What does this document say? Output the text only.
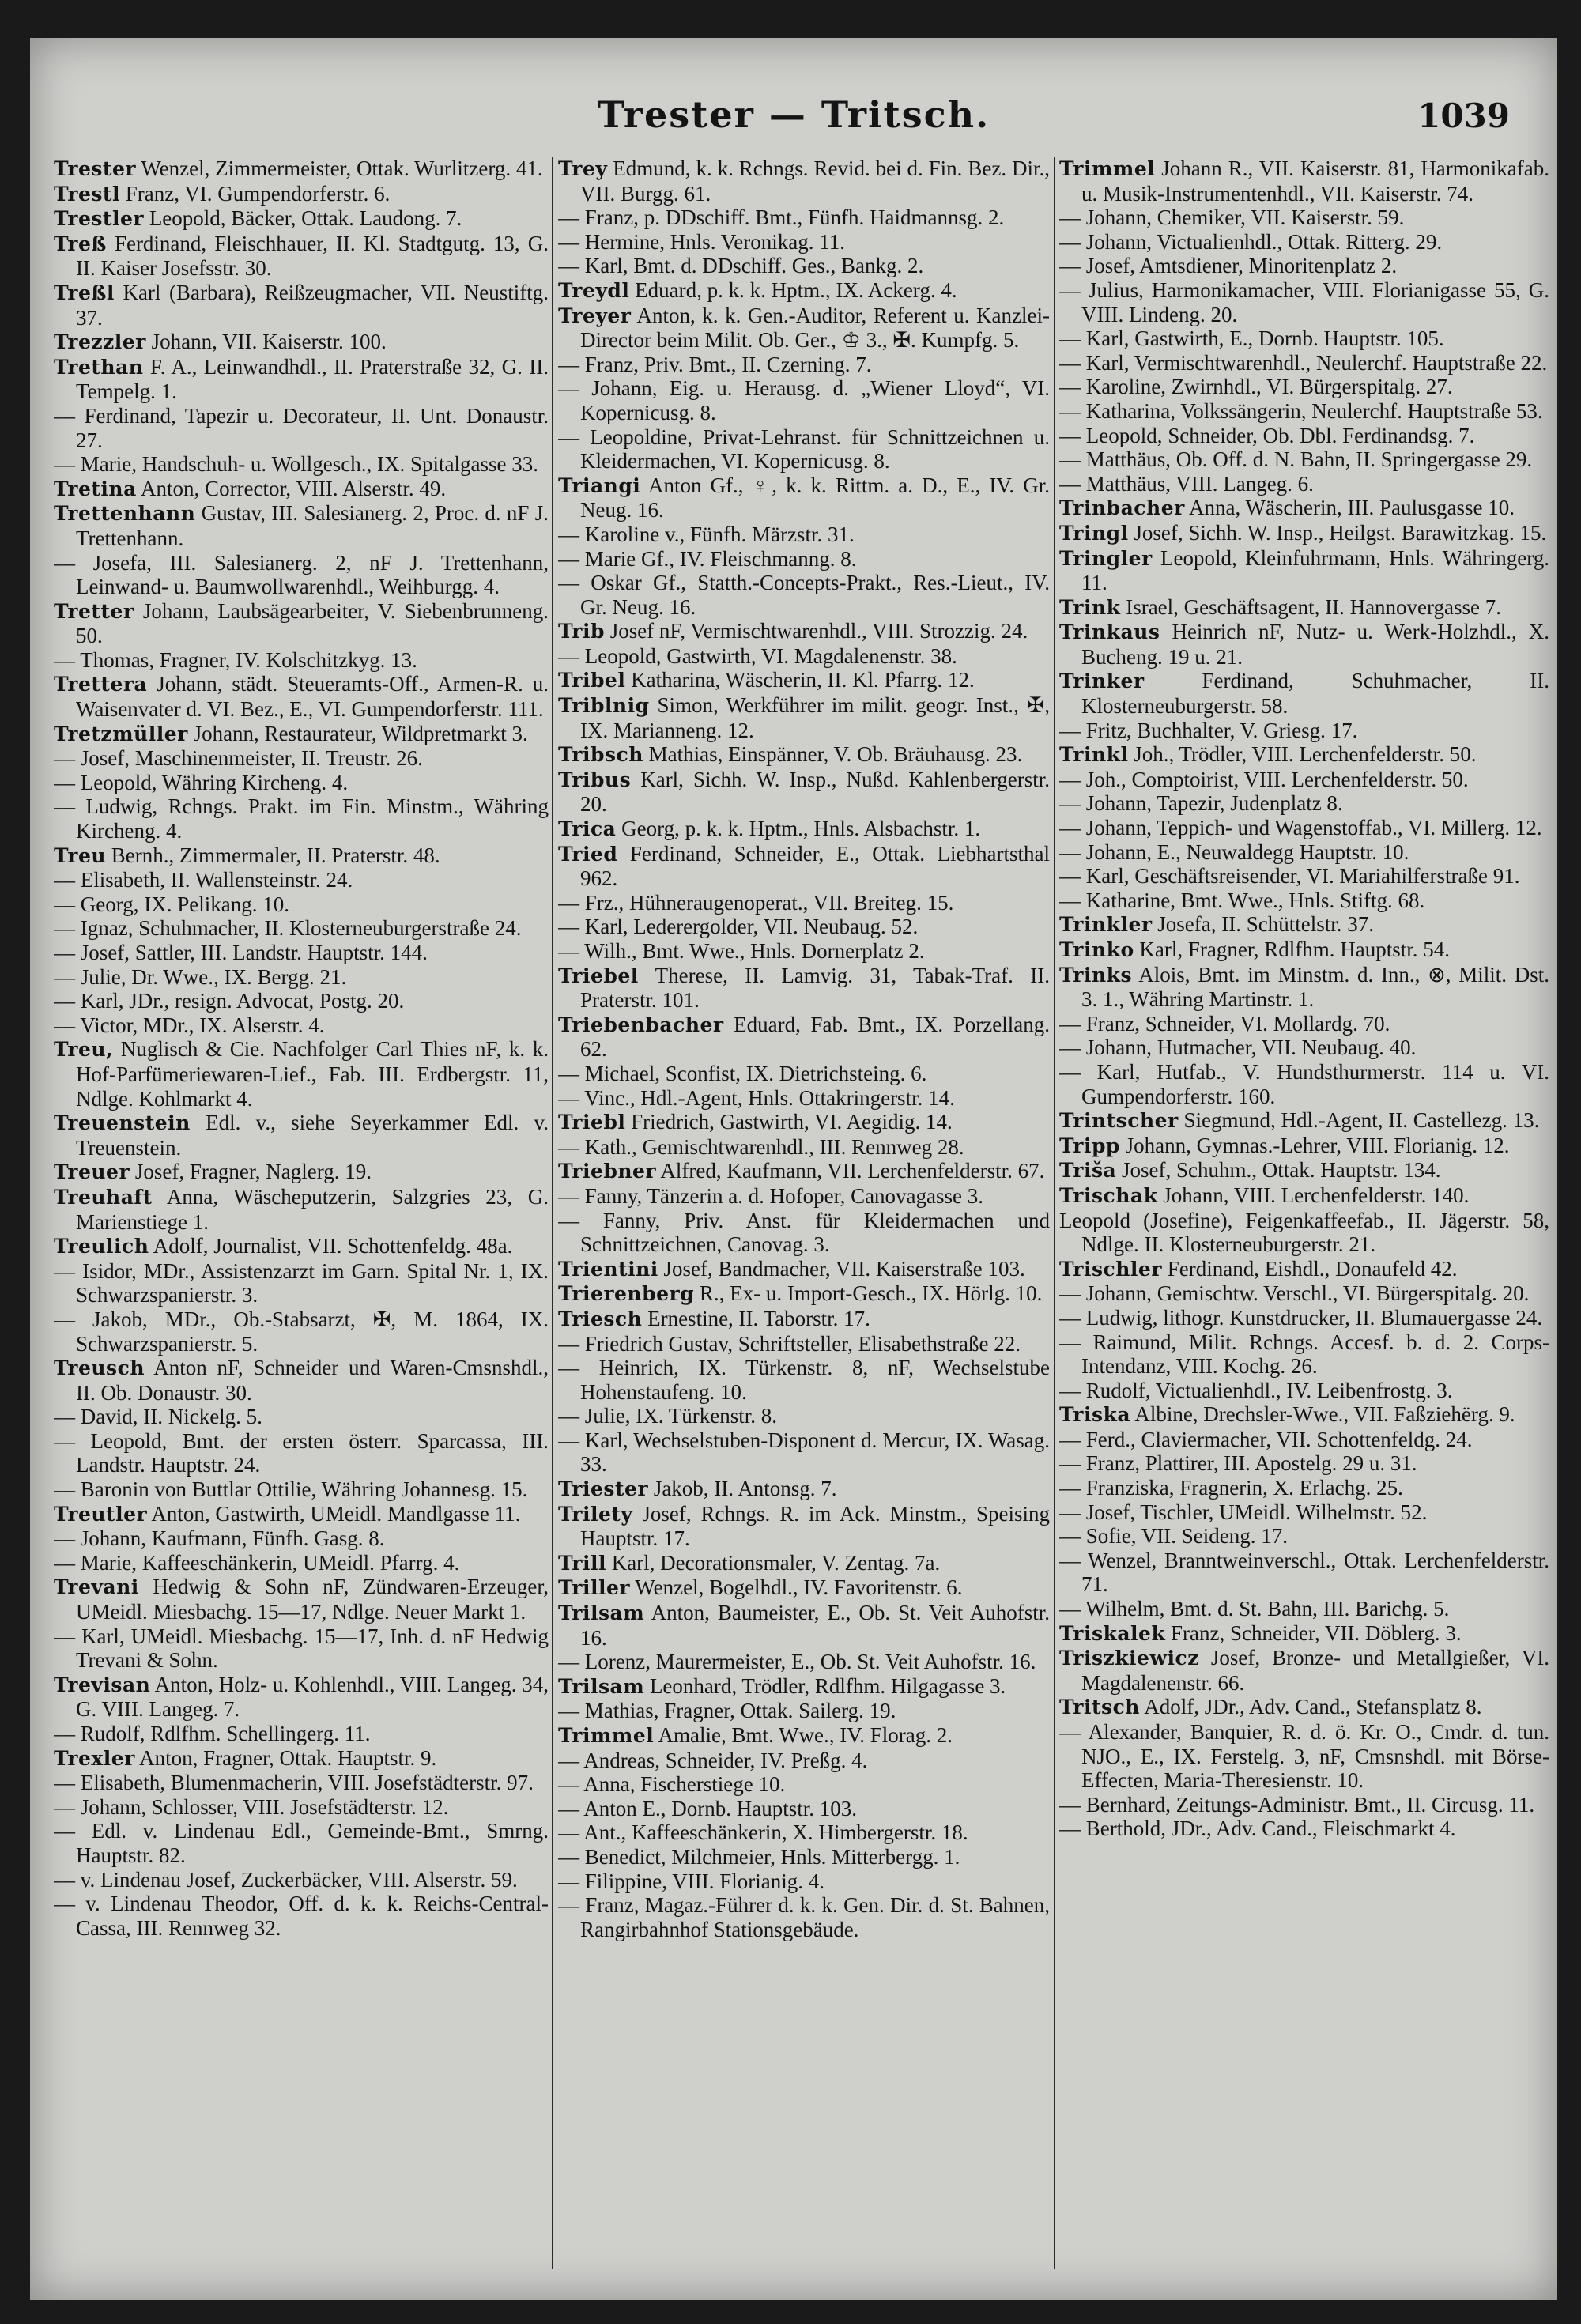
Trester — Tritsch.	1039
Trester Wenzel, Zimmermeister, Ottak. Wurlitzerg. 41.
Trestl Franz, VI. Gumpendorferstr. 6.
Trestler Leopold, Bäcker, Ottak. Laudong. 7.
Treß Ferdinand, Fleischhauer, II. Kl. Stadtgutg. 13, G. II. Kaiser Josefsstr. 30.
Treßl Karl (Barbara), Reißzeugmacher, VII. Neustiftg. 37.
Trezzler Johann, VII. Kaiserstr. 100.
Trethan F. A., Leinwandhdl., II. Praterstraße 32, G. II. Tempelg. 1.
— Ferdinand, Tapezir u. Decorateur, II. Unt. Donaustr. 27.
— Marie, Handschuh- u. Wollgesch., IX. Spitalgasse 33.
Tretina Anton, Corrector, VIII. Alserstr. 49.
Trettenhann Gustav, III. Salesianerg. 2, Proc. d. nF J. Trettenhann.
— Josefa, III. Salesianerg. 2, nF J. Trettenhann, Leinwand- u. Baumwollwarenhdl., Weihburgg. 4.
Tretter Johann, Laubsägearbeiter, V. Siebenbrunneng. 50.
— Thomas, Fragner, IV. Kolschitzkyg. 13.
Trettera Johann, städt. Steueramts-Off., Armen-R. u. Waisenvater d. VI. Bez., E., VI. Gumpendorferstr. 111.
Tretzmüller Johann, Restaurateur, Wildpretmarkt 3.
— Josef, Maschinenmeister, II. Treustr. 26.
— Leopold, Währing Kircheng. 4.
— Ludwig, Rchngs. Prakt. im Fin. Minstm., Währing Kircheng. 4.
Treu Bernh., Zimmermaler, II. Praterstr. 48.
— Elisabeth, II. Wallensteinstr. 24.
— Georg, IX. Pelikang. 10.
— Ignaz, Schuhmacher, II. Klosterneuburgerstraße 24.
— Josef, Sattler, III. Landstr. Hauptstr. 144.
— Julie, Dr. Wwe., IX. Bergg. 21.
— Karl, JDr., resign. Advocat, Postg. 20.
— Victor, MDr., IX. Alserstr. 4.
Treu, Nuglisch & Cie. Nachfolger Carl Thies nF, k. k. Hof-Parfümeriewaren-Lief., Fab. III. Erdbergstr. 11, Ndlge. Kohlmarkt 4.
Treuenstein Edl. v., siehe Seyerkammer Edl. v. Treuenstein.
Treuer Josef, Fragner, Naglerg. 19.
Treuhaft Anna, Wäscheputzerin, Salzgries 23, G. Marienstiege 1.
Treulich Adolf, Journalist, VII. Schottenfeldg. 48a.
— Isidor, MDr., Assistenzarzt im Garn. Spital Nr. 1, IX. Schwarzspanierstr. 3.
— Jakob, MDr., Ob.-Stabsarzt, ✠, M. 1864, IX. Schwarzspanierstr. 5.
Treusch Anton nF, Schneider und Waren-Cmsnshdl., II. Ob. Donaustr. 30.
— David, II. Nickelg. 5.
— Leopold, Bmt. der ersten österr. Sparcassa, III. Landstr. Hauptstr. 24.
— Baronin von Buttlar Ottilie, Währing Johannesg. 15.
Treutler Anton, Gastwirth, UMeidl. Mandlgasse 11.
— Johann, Kaufmann, Fünfh. Gasg. 8.
— Marie, Kaffeeschänkerin, UMeidl. Pfarrg. 4.
Trevani Hedwig & Sohn nF, Zündwaren-Erzeuger, UMeidl. Miesbachg. 15—17, Ndlge. Neuer Markt 1.
— Karl, UMeidl. Miesbachg. 15—17, Inh. d. nF Hedwig Trevani & Sohn.
Trevisan Anton, Holz- u. Kohlenhdl., VIII. Langeg. 34, G. VIII. Langeg. 7.
— Rudolf, Rdlfhm. Schellingerg. 11.
Trexler Anton, Fragner, Ottak. Hauptstr. 9.
— Elisabeth, Blumenmacherin, VIII. Josefstädterstr. 97.
— Johann, Schlosser, VIII. Josefstädterstr. 12.
— Edl. v. Lindenau Edl., Gemeinde-Bmt., Smrng. Hauptstr. 82.
— v. Lindenau Josef, Zuckerbäcker, VIII. Alserstr. 59.
— v. Lindenau Theodor, Off. d. k. k. Reichs-Central-Cassa, III. Rennweg 32.
Trey Edmund, k. k. Rchngs. Revid. bei d. Fin. Bez. Dir., VII. Burgg. 61.
— Franz, p. DDschiff. Bmt., Fünfh. Haidmannsg. 2.
— Hermine, Hnls. Veronikag. 11.
— Karl, Bmt. d. DDschiff. Ges., Bankg. 2.
Treydl Eduard, p. k. k. Hptm., IX. Ackerg. 4.
Treyer Anton, k. k. Gen.-Auditor, Referent u. Kanzlei-Director beim Milit. Ob. Ger., ♔ 3., ✠. Kumpfg. 5.
— Franz, Priv. Bmt., II. Czerning. 7.
— Johann, Eig. u. Herausg. d. „Wiener Lloyd“, VI. Kopernicusg. 8.
— Leopoldine, Privat-Lehranst. für Schnittzeichnen u. Kleidermachen, VI. Kopernicusg. 8.
Triangi Anton Gf., ♀, k. k. Rittm. a. D., E., IV. Gr. Neug. 16.
— Karoline v., Fünfh. Märzstr. 31.
— Marie Gf., IV. Fleischmanng. 8.
— Oskar Gf., Statth.-Concepts-Prakt., Res.-Lieut., IV. Gr. Neug. 16.
Trib Josef nF, Vermischtwarenhdl., VIII. Strozzig. 24.
— Leopold, Gastwirth, VI. Magdalenenstr. 38.
Tribel Katharina, Wäscherin, II. Kl. Pfarrg. 12.
Triblnig Simon, Werkführer im milit. geogr. Inst., ✠, IX. Marianneng. 12.
Tribsch Mathias, Einspänner, V. Ob. Bräuhausg. 23.
Tribus Karl, Sichh. W. Insp., Nußd. Kahlenbergerstr. 20.
Trica Georg, p. k. k. Hptm., Hnls. Alsbachstr. 1.
Tried Ferdinand, Schneider, E., Ottak. Liebhartsthal 962.
— Frz., Hühneraugenoperat., VII. Breiteg. 15.
— Karl, Lederergolder, VII. Neubaug. 52.
— Wilh., Bmt. Wwe., Hnls. Dornerplatz 2.
Triebel Therese, II. Lamvig. 31, Tabak-Traf. II. Praterstr. 101.
Triebenbacher Eduard, Fab. Bmt., IX. Porzellang. 62.
— Michael, Sconfist, IX. Dietrichsteing. 6.
— Vinc., Hdl.-Agent, Hnls. Ottakringerstr. 14.
Triebl Friedrich, Gastwirth, VI. Aegidig. 14.
— Kath., Gemischtwarenhdl., III. Rennweg 28.
Triebner Alfred, Kaufmann, VII. Lerchenfelderstr. 67.
— Fanny, Tänzerin a. d. Hofoper, Canovagasse 3.
— Fanny, Priv. Anst. für Kleidermachen und Schnittzeichnen, Canovag. 3.
Trientini Josef, Bandmacher, VII. Kaiserstraße 103.
Trierenberg R., Ex- u. Import-Gesch., IX. Hörlg. 10.
Triesch Ernestine, II. Taborstr. 17.
— Friedrich Gustav, Schriftsteller, Elisabethstraße 22.
— Heinrich, IX. Türkenstr. 8, nF, Wechselstube Hohenstaufeng. 10.
— Julie, IX. Türkenstr. 8.
— Karl, Wechselstuben-Disponent d. Mercur, IX. Wasag. 33.
Triester Jakob, II. Antonsg. 7.
Trilety Josef, Rchngs. R. im Ack. Minstm., Speising Hauptstr. 17.
Trill Karl, Decorationsmaler, V. Zentag. 7a.
Triller Wenzel, Bogelhdl., IV. Favoritenstr. 6.
Trilsam Anton, Baumeister, E., Ob. St. Veit Auhofstr. 16.
— Lorenz, Maurermeister, E., Ob. St. Veit Auhofstr. 16.
Trilsam Leonhard, Trödler, Rdlfhm. Hilgagasse 3.
— Mathias, Fragner, Ottak. Sailerg. 19.
Trimmel Amalie, Bmt. Wwe., IV. Florag. 2.
— Andreas, Schneider, IV. Preßg. 4.
— Anna, Fischerstiege 10.
— Anton E., Dornb. Hauptstr. 103.
— Ant., Kaffeeschänkerin, X. Himbergerstr. 18.
— Benedict, Milchmeier, Hnls. Mitterbergg. 1.
— Filippine, VIII. Florianig. 4.
— Franz, Magaz.-Führer d. k. k. Gen. Dir. d. St. Bahnen, Rangirbahnhof Stationsgebäude.
Trimmel Johann R., VII. Kaiserstr. 81, Harmonikafab. u. Musik-Instrumentenhdl., VII. Kaiserstr. 74.
— Johann, Chemiker, VII. Kaiserstr. 59.
— Johann, Victualienhdl., Ottak. Ritterg. 29.
— Josef, Amtsdiener, Minoritenplatz 2.
— Julius, Harmonikamacher, VIII. Florianigasse 55, G. VIII. Lindeng. 20.
— Karl, Gastwirth, E., Dornb. Hauptstr. 105.
— Karl, Vermischtwarenhdl., Neulerchf. Hauptstraße 22.
— Karoline, Zwirnhdl., VI. Bürgerspitalg. 27.
— Katharina, Volkssängerin, Neulerchf. Hauptstraße 53.
— Leopold, Schneider, Ob. Dbl. Ferdinandsg. 7.
— Matthäus, Ob. Off. d. N. Bahn, II. Springergasse 29.
— Matthäus, VIII. Langeg. 6.
Trinbacher Anna, Wäscherin, III. Paulusgasse 10.
Tringl Josef, Sichh. W. Insp., Heilgst. Barawitzkag. 15.
Tringler Leopold, Kleinfuhrmann, Hnls. Währingerg. 11.
Trink Israel, Geschäftsagent, II. Hannovergasse 7.
Trinkaus Heinrich nF, Nutz- u. Werk-Holzhdl., X. Bucheng. 19 u. 21.
Trinker Ferdinand, Schuhmacher, II. Klosterneuburgerstr. 58.
— Fritz, Buchhalter, V. Griesg. 17.
Trinkl Joh., Trödler, VIII. Lerchenfelderstr. 50.
— Joh., Comptoirist, VIII. Lerchenfelderstr. 50.
— Johann, Tapezir, Judenplatz 8.
— Johann, Teppich- und Wagenstoffab., VI. Millerg. 12.
— Johann, E., Neuwaldegg Hauptstr. 10.
— Karl, Geschäftsreisender, VI. Mariahilferstraße 91.
— Katharine, Bmt. Wwe., Hnls. Stiftg. 68.
Trinkler Josefa, II. Schüttelstr. 37.
Trinko Karl, Fragner, Rdlfhm. Hauptstr. 54.
Trinks Alois, Bmt. im Minstm. d. Inn., ⊗, Milit. Dst. 3. 1., Währing Martinstr. 1.
— Franz, Schneider, VI. Mollardg. 70.
— Johann, Hutmacher, VII. Neubaug. 40.
— Karl, Hutfab., V. Hundsthurmerstr. 114 u. VI. Gumpendorferstr. 160.
Trintscher Siegmund, Hdl.-Agent, II. Castellezg. 13.
Tripp Johann, Gymnas.-Lehrer, VIII. Florianig. 12.
Triša Josef, Schuhm., Ottak. Hauptstr. 134.
Trischak Johann, VIII. Lerchenfelderstr. 140.
Leopold (Josefine), Feigenkaffeefab., II. Jägerstr. 58, Ndlge. II. Klosterneuburgerstr. 21.
Trischler Ferdinand, Eishdl., Donaufeld 42.
— Johann, Gemischtw. Verschl., VI. Bürgerspitalg. 20.
— Ludwig, lithogr. Kunstdrucker, II. Blumauergasse 24.
— Raimund, Milit. Rchngs. Accesf. b. d. 2. Corps-Intendanz, VIII. Kochg. 26.
— Rudolf, Victualienhdl., IV. Leibenfrostg. 3.
Triska Albine, Drechsler-Wwe., VII. Faßziehërg. 9.
— Ferd., Claviermacher, VII. Schottenfeldg. 24.
— Franz, Plattirer, III. Apostelg. 29 u. 31.
— Franziska, Fragnerin, X. Erlachg. 25.
— Josef, Tischler, UMeidl. Wilhelmstr. 52.
— Sofie, VII. Seideng. 17.
— Wenzel, Branntweinverschl., Ottak. Lerchenfelderstr. 71.
— Wilhelm, Bmt. d. St. Bahn, III. Barichg. 5.
Triskalek Franz, Schneider, VII. Döblerg. 3.
Triszkiewicz Josef, Bronze- und Metallgießer, VI. Magdalenenstr. 66.
Tritsch Adolf, JDr., Adv. Cand., Stefansplatz 8.
— Alexander, Banquier, R. d. ö. Kr. O., Cmdr. d. tun. NJO., E., IX. Ferstelg. 3, nF, Cmsnshdl. mit Börse-Effecten, Maria-Theresienstr. 10.
— Bernhard, Zeitungs-Administr. Bmt., II. Circusg. 11.
— Berthold, JDr., Adv. Cand., Fleischmarkt 4.
